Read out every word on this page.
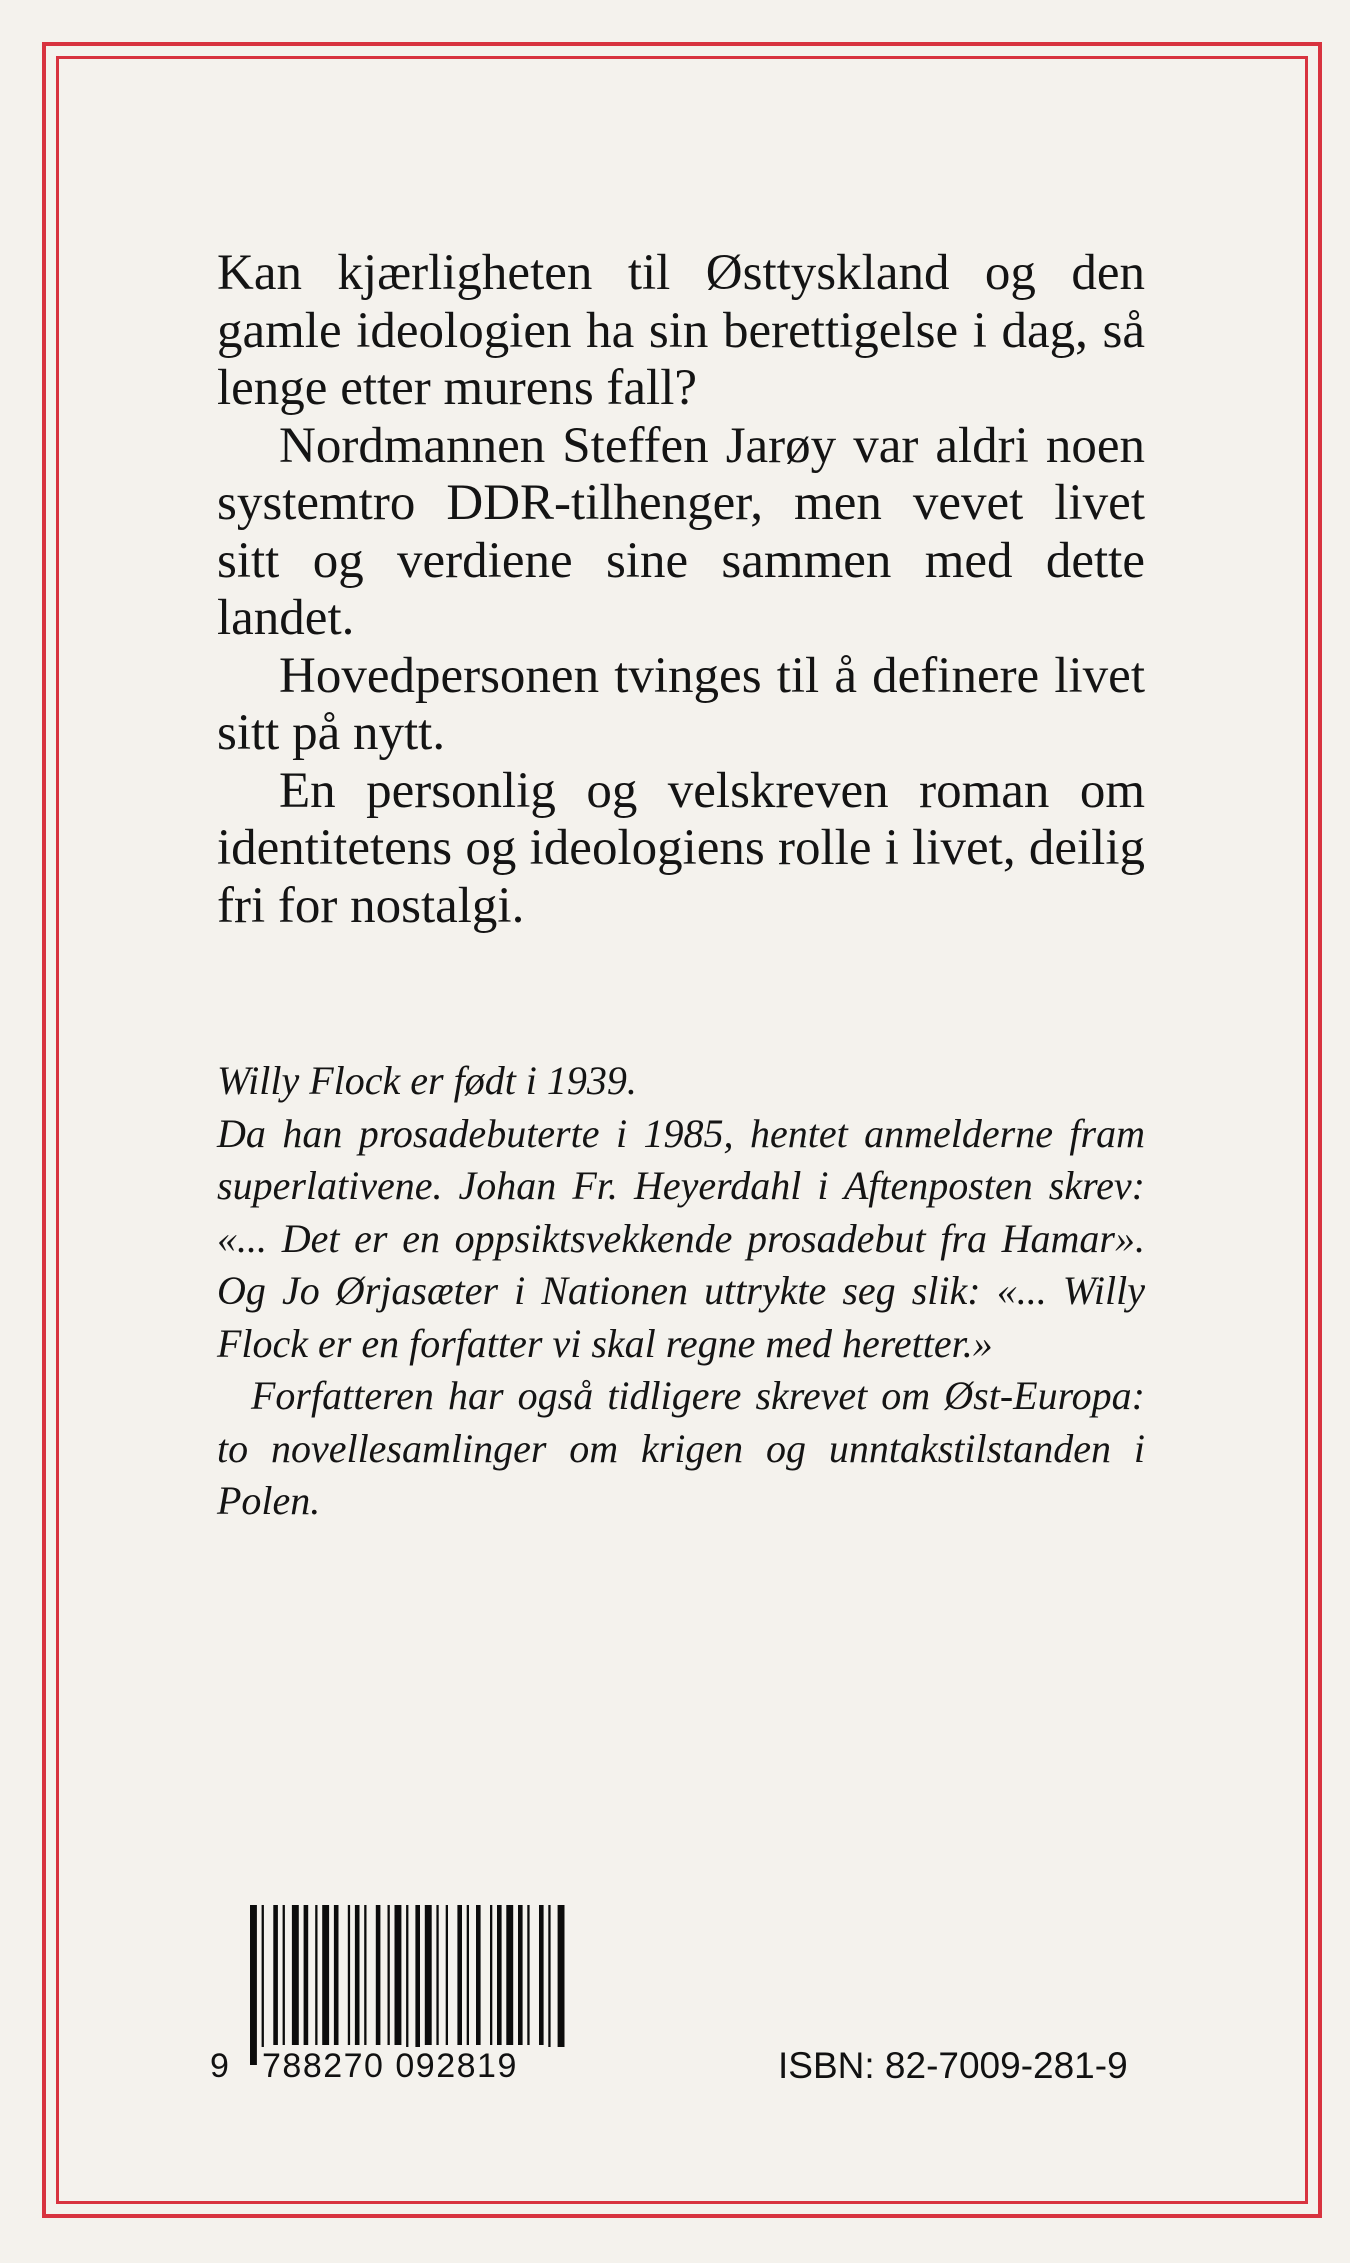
Kan kjærligheten til Østtyskland og den gamle ideologien ha sin berettigelse i dag, så lenge etter murens fall?

Nordmannen Steffen Jarøy var aldri noen systemtro DDR-tilhenger, men vevet livet sitt og verdiene sine sammen med dette landet.

Hovedpersonen tvinges til å definere livet sitt på nytt.

En personlig og velskreven roman om identitetens og ideologiens rolle i livet, deilig fri for nostalgi.

Willy Flock er født i 1939.

Da han prosadebuterte i 1985, hentet anmelderne fram superlativene. Johan Fr. Heyerdahl i Aftenposten skrev: «... Det er en oppsiktsvekkende prosadebut fra Hamar». Og Jo Ørjasæter i Nationen uttrykte seg slik: «... Willy Flock er en forfatter vi skal regne med heretter.»

Forfatteren har også tidligere skrevet om Øst-Europa: to novellesamlinger om krigen og unntakstilstanden i Polen.

9 788270 092819	ISBN: 82-7009-281-9
